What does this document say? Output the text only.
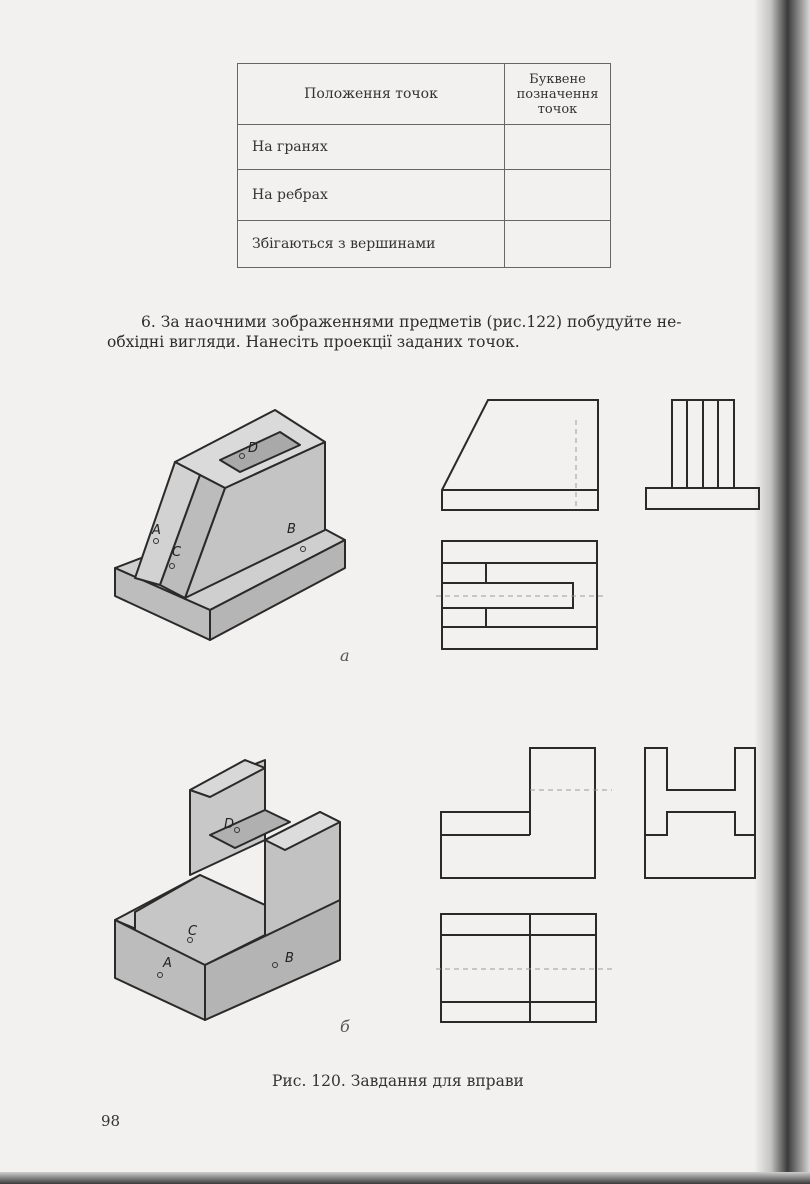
Положення точок	Буквене
позначення
точок

На гранях	
На ребрах	
Збігаються з вершинами	
6. За наочними зображеннями предметів (рис.122) побудуйте не-
обхідні вигляди. Нанесіть проекції заданих точок.
D
A
C
B
D
C
A	B
а
б
Рис. 120. Завдання для вправи
98
